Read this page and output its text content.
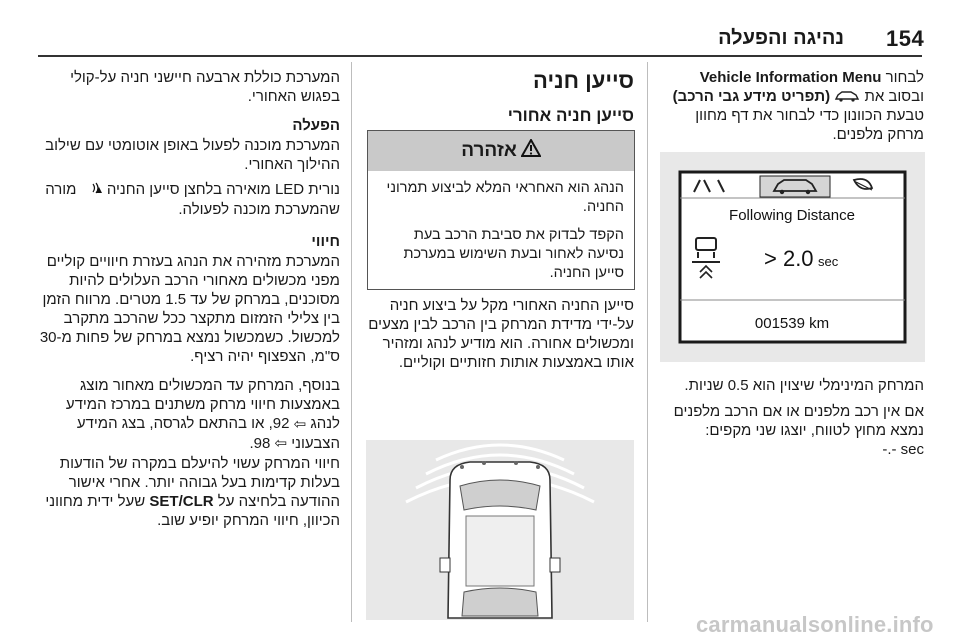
154
נהיגה והפעלה

לבחור Vehicle Information Menu ובסוב את  (תפריט מידע גבי הרכב)

טבעת הכוונון כדי לבחור את דף מחוון מרחק מלפנים.

Following Distance
> 2.0 sec
001539 km

המרחק המינימלי שיצוין הוא 0.5 שניות.

אם אין רכב מלפנים או אם הרכב מלפנים נמצא מחוץ לטווח, יוצגו שני מקפים:

-.- sec

סייען חניה
סייען חניה אחורי
אזהרה

הנהג הוא האחראי המלא לביצוע תמרוני החניה.

הקפד לבדוק את סביבת הרכב בעת נסיעה לאחור ובעת השימוש במערכת סייען החניה.

סייען החניה האחורי מקל על ביצוע חניה על-ידי מדידת המרחק בין הרכב לבין מצעים ומכשולים אחורה. הוא מודיע לנהג ומזהיר אותו באמצעות אותות חזותיים וקוליים.

המערכת כוללת ארבעה חיישני חניה על-קולי בפגוש האחורי.

הפעלה

המערכת מוכנה לפעול באופן אוטומטי עם שילוב ההילוך האחורי.

נורית LED מואירה בלחצן סייען החניה
מורה שהמערכת מוכנה לפעולה.

חיווי

המערכת מזהירה את הנהג בעזרת חיוויים קוליים מפני מכשולים מאחורי הרכב העלולים להיות מסוכנים, במרחק של עד 1.5 מטרים. מרווח הזמן בין צלילי הזמזום מתקצר ככל שהרכב מתקרב למכשול. כשמכשול נמצא במרחק של פחות מ-30 ס"מ, הצפצוף יהיה רציף.

בנוסף, המרחק עד המכשולים מאחור מוצג באמצעות חיווי מרחק משתנים במרכז המידע לנהג ⇦ 92, או בהתאם לגרסה, בצג המידע הצבעוני ⇦ 98.

חיווי המרחק עשוי להיעלם במקרה של הודעות בעלות קדימות בעל גבוהה יותר. אחרי אישור ההודעה בלחיצה על SET/CLR שעל ידית מחווני הכיוון, חיווי המרחק יופיע שוב.

carmanualsonline.info
